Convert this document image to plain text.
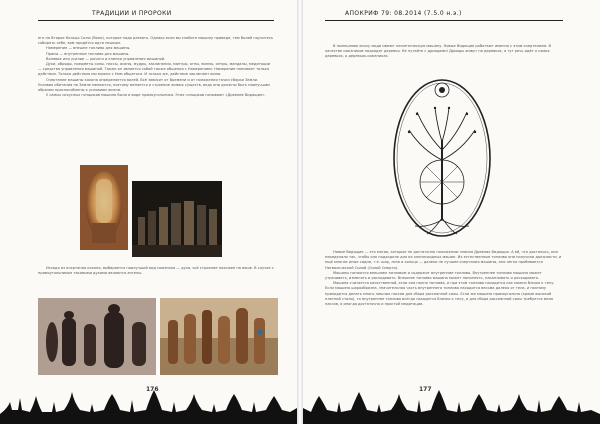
ТРАДИЦИИ И ПРОРОКИ

его на Второе Кольцо Силы (Воли), которое надо развить. Однако если вы слаботе машину приведе, тем Волей научитесь собирать себе, вам придётся идти пешком.

Намерение — внешне топливо для машины.

Праны — внутренние топливо для машины.

Волевое или усилие — рычаги и кнопки управления машиной.

Духи, обряды, предметы силы, пассы, асаны, мудры, заклинания, мантры, агны, вилны, янтры, мандалы, медитации — средства управления машиной. Также он является собой также общения с Намерением. Намерение понимает только действия. Только действия мы можно с Ним общаться. И только же, действие заключает волю.

Очертание машины кокона определяется волей. Всё зависит от Времени и от положения точки сборки Земли. Условия обитания на Земле меняются, поэтому меняется и строение живых существ, ведь они должны быть наилучшим образом приспособлены к условиям жизни.

У самых искусных гонщиков машина была в виде прямоугольника. Этих гонщиков называют «Древние Видящие».

Исходя из очертания кокона, выбирается наилучший вид союзника — духа, чьё строение похожее на ваше. В случае с прямоугольником таковыми духами являются ангелы.

176
АПОКРИФ 79: 08.2014 (7.5.0 н.э.)

В нынешнюю эпоху люди имеют эллиптическую машину. Новые Видящие работают именно с этим очертанием. В качестве союзников подходят деревья. Не путайте с дриадами! Дриады живут на деревьях, а тут речь идёт о самих деревьях, о деревьях-союзниках.

Новые Видящие — это магия, которые не достаточно положению знания Древних Видящих. А ей, что досталось, они переделали так, чтобы оно подходило для их эллипсоидных машин. Их естественные топливо они получили должности, и ещё многие иные сидни, т.е. шар, лоза и кольцо — далеко не лучшее очертания машины, оно легко пробивается Нагвальческой Силой (Силой Смерти).

Машины питаются внешним топливом и содержит внутренние топливо. Внутреннее топливо машина может утрачивать, изменять и расходовать. Внешнее топливо машина может пополнять, накапливать и расходовать.

Машина считается качественной, если она полна топлива, и при этом топливо находится как можно ближе к телу. Если машина шарообразна, значительная часть внутреннего топлива находится весьма далеко от тела, и поэтому приходится делать много лишних пассов для сбора рассеянной силы. Если же машина прямоугольна (кроме высокой плотной стали), то внутреннее топливо всегда находится близко к телу, и для сбора рассеянной силы требуется мало пассов, а иногда достаточно и простой медитации.

177
